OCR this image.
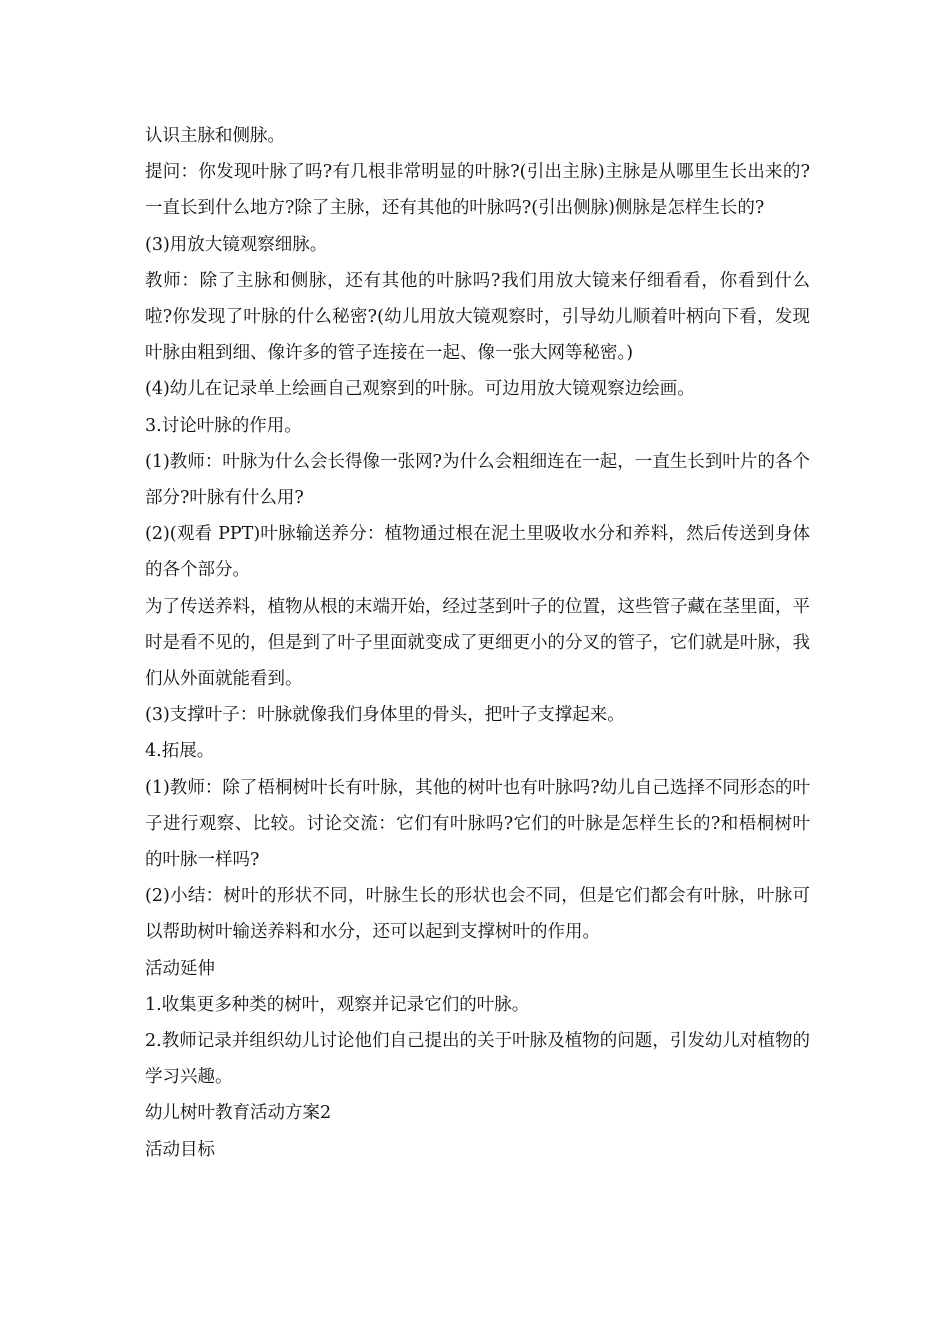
认识主脉和侧脉。

提问：你发现叶脉了吗?有几根非常明显的叶脉?(引出主脉)主脉是从哪里生长出来的?一直长到什么地方?除了主脉，还有其他的叶脉吗?(引出侧脉)侧脉是怎样生长的?

(3)用放大镜观察细脉。

教师：除了主脉和侧脉，还有其他的叶脉吗?我们用放大镜来仔细看看，你看到什么啦?你发现了叶脉的什么秘密?(幼儿用放大镜观察时，引导幼儿顺着叶柄向下看，发现叶脉由粗到细、像许多的管子连接在一起、像一张大网等秘密。)

(4)幼儿在记录单上绘画自己观察到的叶脉。可边用放大镜观察边绘画。

3.讨论叶脉的作用。

(1)教师：叶脉为什么会长得像一张网?为什么会粗细连在一起，一直生长到叶片的各个部分?叶脉有什么用?

(2)(观看 PPT)叶脉输送养分：植物通过根在泥土里吸收水分和养料，然后传送到身体的各个部分。

为了传送养料，植物从根的末端开始，经过茎到叶子的位置，这些管子藏在茎里面，平时是看不见的，但是到了叶子里面就变成了更细更小的分叉的管子，它们就是叶脉，我们从外面就能看到。

(3)支撑叶子：叶脉就像我们身体里的骨头，把叶子支撑起来。

4.拓展。

(1)教师：除了梧桐树叶长有叶脉，其他的树叶也有叶脉吗?幼儿自己选择不同形态的叶子进行观察、比较。讨论交流：它们有叶脉吗?它们的叶脉是怎样生长的?和梧桐树叶的叶脉一样吗?

(2)小结：树叶的形状不同，叶脉生长的形状也会不同，但是它们都会有叶脉，叶脉可以帮助树叶输送养料和水分，还可以起到支撑树叶的作用。

活动延伸

1.收集更多种类的树叶，观察并记录它们的叶脉。

2.教师记录并组织幼儿讨论他们自己提出的关于叶脉及植物的问题，引发幼儿对植物的学习兴趣。

幼儿树叶教育活动方案2

活动目标
